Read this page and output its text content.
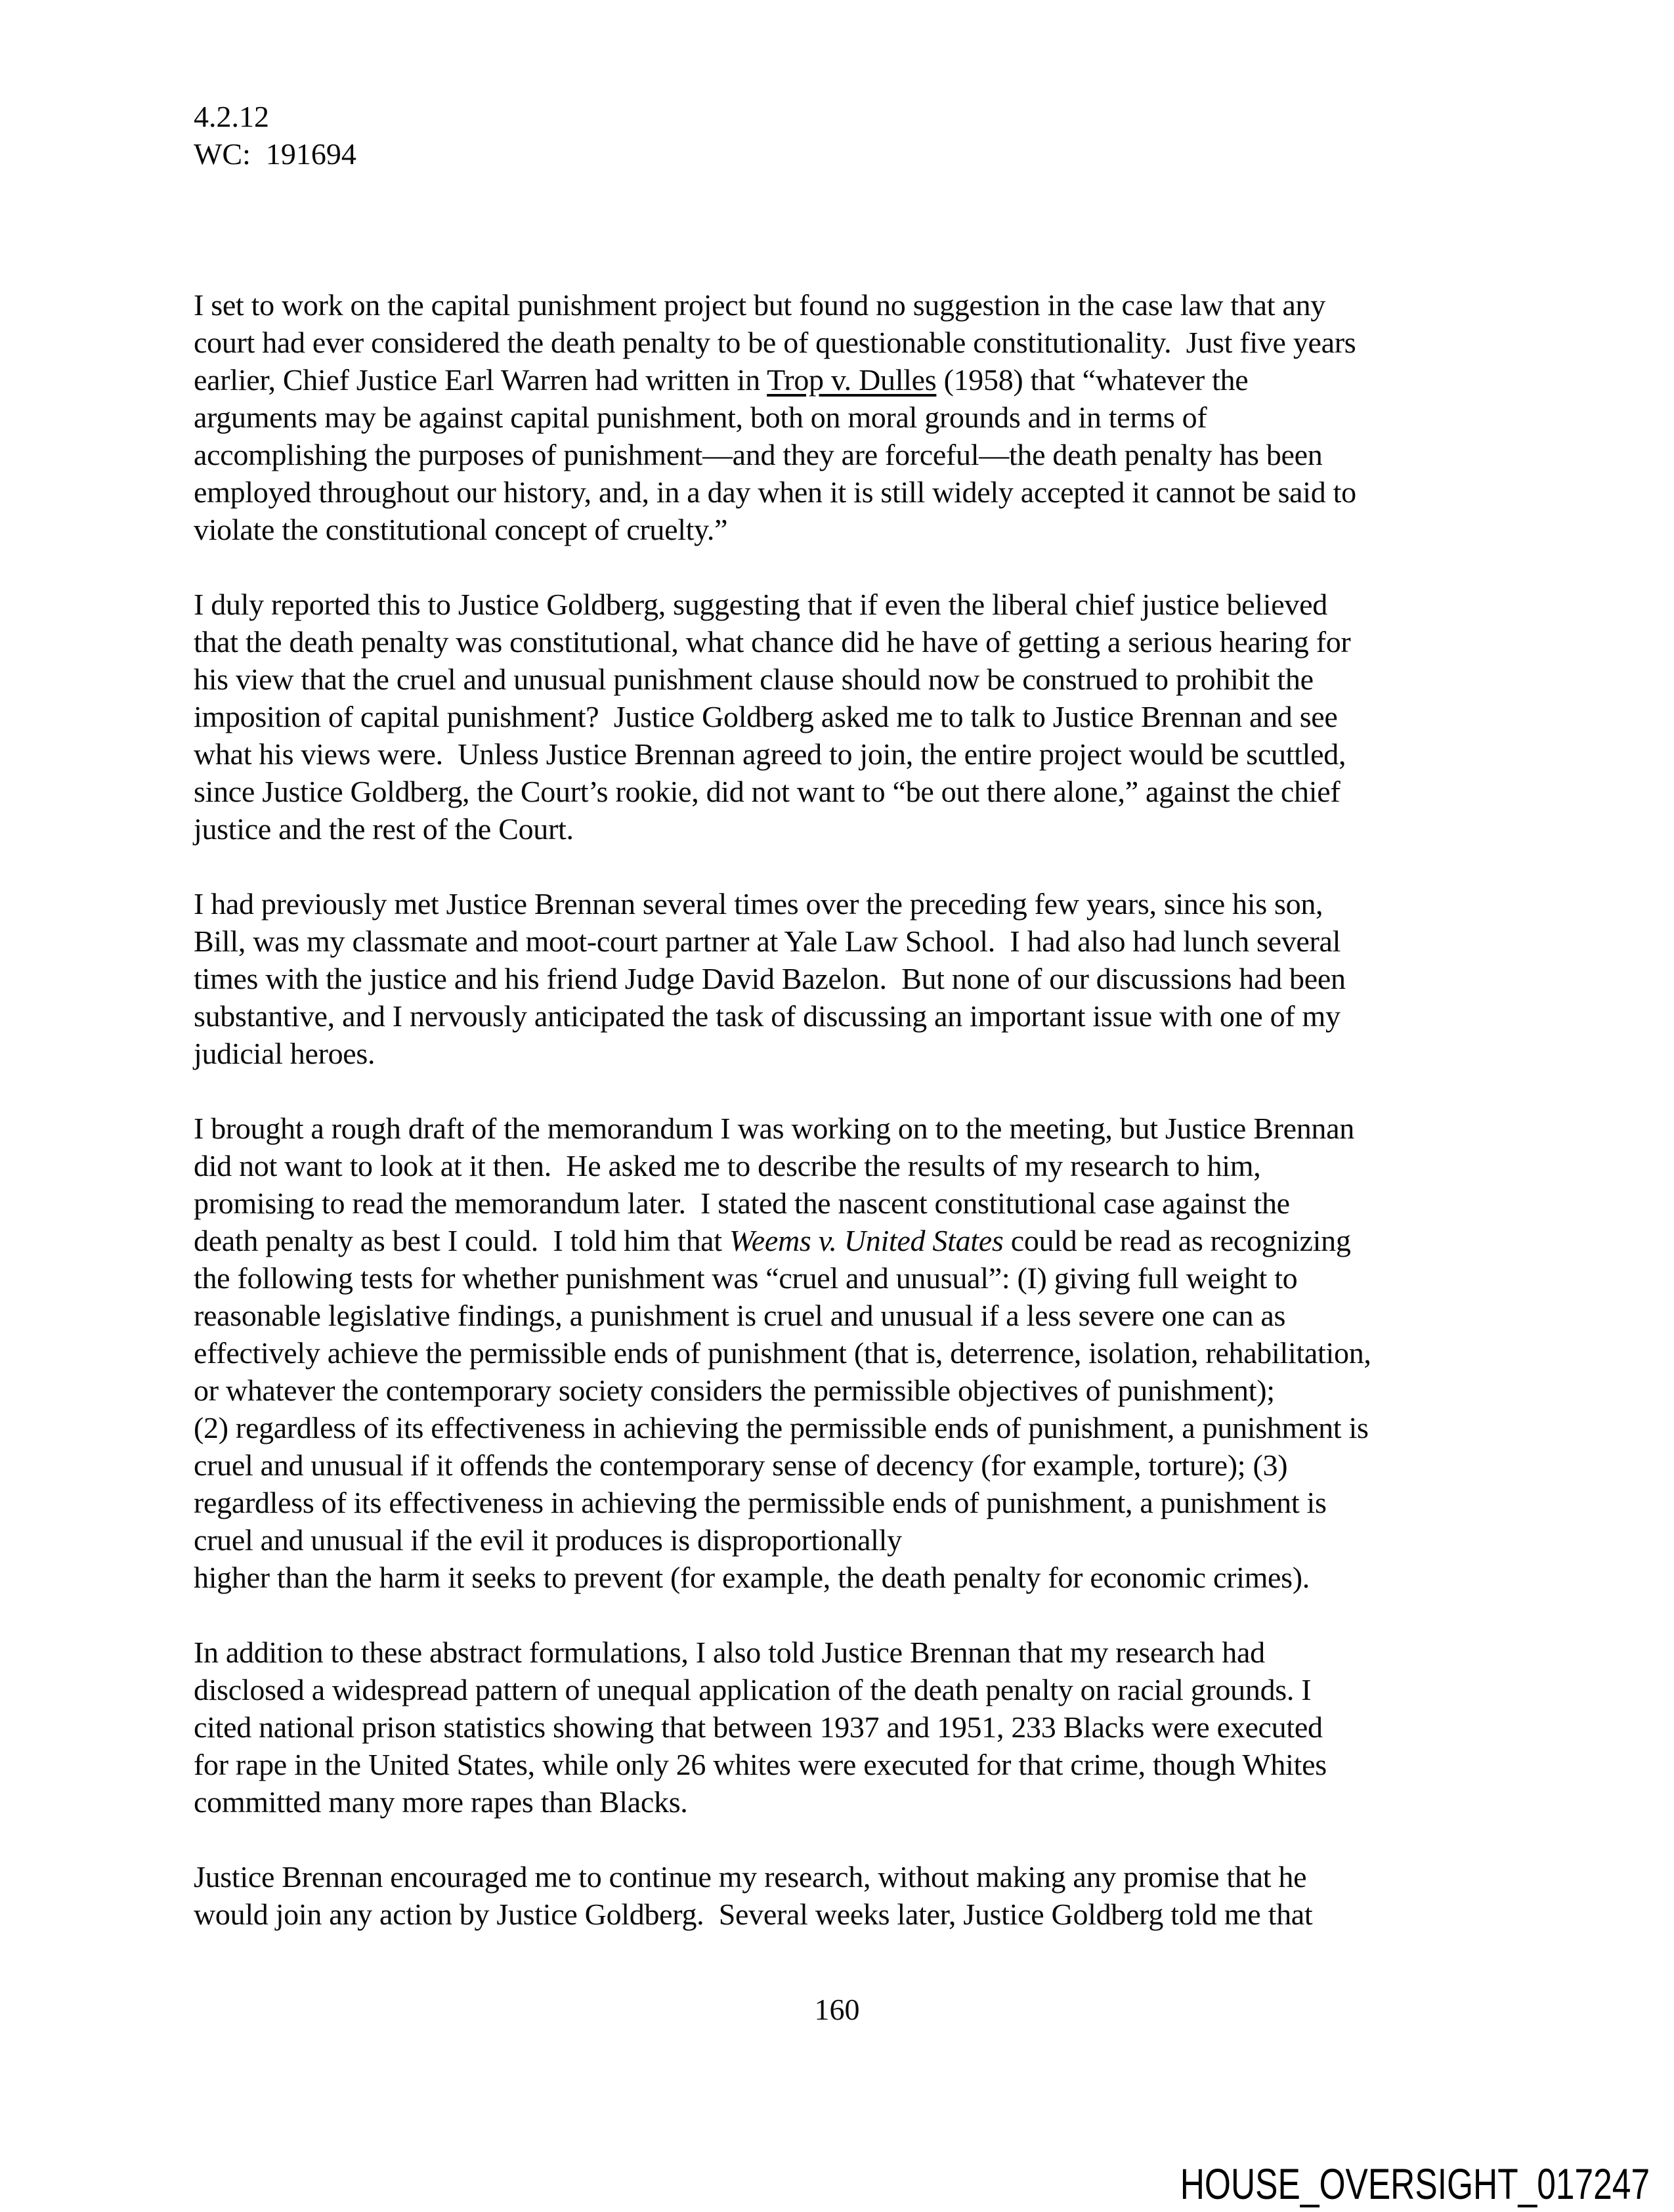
4.2.12
WC:  191694
I set to work on the capital punishment project but found no suggestion in the case law that any
court had ever considered the death penalty to be of questionable constitutionality.  Just five years
earlier, Chief Justice Earl Warren had written in Trop v. Dulles (1958) that “whatever the
arguments may be against capital punishment, both on moral grounds and in terms of
accomplishing the purposes of punishment—and they are forceful—the death penalty has been
employed throughout our history, and, in a day when it is still widely accepted it cannot be said to
violate the constitutional concept of cruelty.”
I duly reported this to Justice Goldberg, suggesting that if even the liberal chief justice believed
that the death penalty was constitutional, what chance did he have of getting a serious hearing for
his view that the cruel and unusual punishment clause should now be construed to prohibit the
imposition of capital punishment?  Justice Goldberg asked me to talk to Justice Brennan and see
what his views were.  Unless Justice Brennan agreed to join, the entire project would be scuttled,
since Justice Goldberg, the Court’s rookie, did not want to “be out there alone,” against the chief
justice and the rest of the Court.
I had previously met Justice Brennan several times over the preceding few years, since his son,
Bill, was my classmate and moot-court partner at Yale Law School.  I had also had lunch several
times with the justice and his friend Judge David Bazelon.  But none of our discussions had been
substantive, and I nervously anticipated the task of discussing an important issue with one of my
judicial heroes.
I brought a rough draft of the memorandum I was working on to the meeting, but Justice Brennan
did not want to look at it then.  He asked me to describe the results of my research to him,
promising to read the memorandum later.  I stated the nascent constitutional case against the
death penalty as best I could.  I told him that Weems v. United States could be read as recognizing
the following tests for whether punishment was “cruel and unusual”: (I) giving full weight to
reasonable legislative findings, a punishment is cruel and unusual if a less severe one can as
effectively achieve the permissible ends of punishment (that is, deterrence, isolation, rehabilitation,
or whatever the contemporary society considers the permissible objectives of punishment);
(2) regardless of its effectiveness in achieving the permissible ends of punishment, a punishment is
cruel and unusual if it offends the contemporary sense of decency (for example, torture); (3)
regardless of its effectiveness in achieving the permissible ends of punishment, a punishment is
cruel and unusual if the evil it produces is disproportionally
higher than the harm it seeks to prevent (for example, the death penalty for economic crimes).
In addition to these abstract formulations, I also told Justice Brennan that my research had
disclosed a widespread pattern of unequal application of the death penalty on racial grounds. I
cited national prison statistics showing that between 1937 and 1951, 233 Blacks were executed
for rape in the United States, while only 26 whites were executed for that crime, though Whites
committed many more rapes than Blacks.
Justice Brennan encouraged me to continue my research, without making any promise that he
would join any action by Justice Goldberg.  Several weeks later, Justice Goldberg told me that
160
HOUSE_OVERSIGHT_017247
